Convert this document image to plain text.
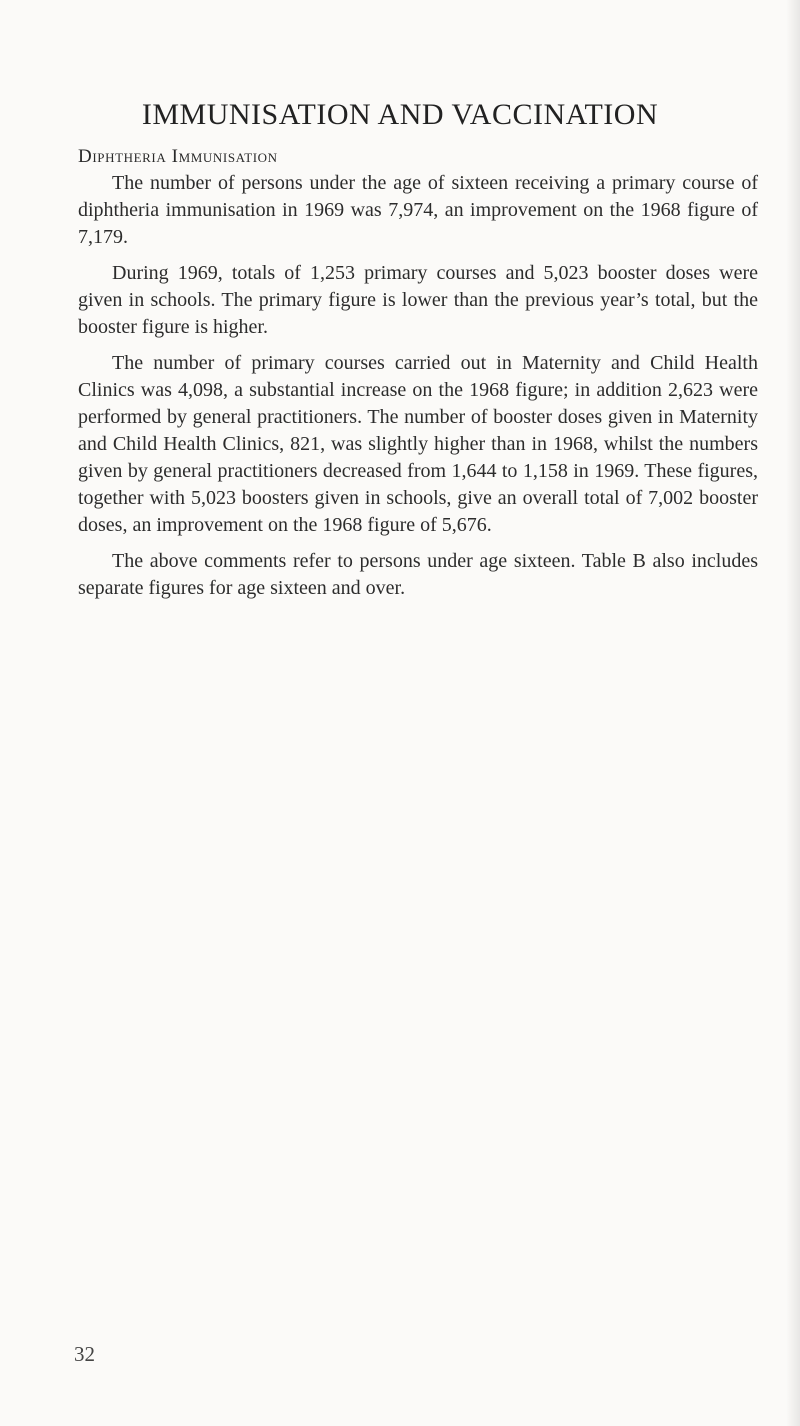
IMMUNISATION AND VACCINATION
Diphtheria Immunisation

The number of persons under the age of sixteen receiving a primary course of diphtheria immunisation in 1969 was 7,974, an improvement on the 1968 figure of 7,179.

During 1969, totals of 1,253 primary courses and 5,023 booster doses were given in schools. The primary figure is lower than the previous year’s total, but the booster figure is higher.

The number of primary courses carried out in Maternity and Child Health Clinics was 4,098, a substantial increase on the 1968 figure; in addition 2,623 were performed by general practitioners. The number of booster doses given in Maternity and Child Health Clinics, 821, was slightly higher than in 1968, whilst the numbers given by general practitioners decreased from 1,644 to 1,158 in 1969. These figures, together with 5,023 boosters given in schools, give an overall total of 7,002 booster doses, an improvement on the 1968 figure of 5,676.

The above comments refer to persons under age sixteen. Table B also includes separate figures for age sixteen and over.

32
